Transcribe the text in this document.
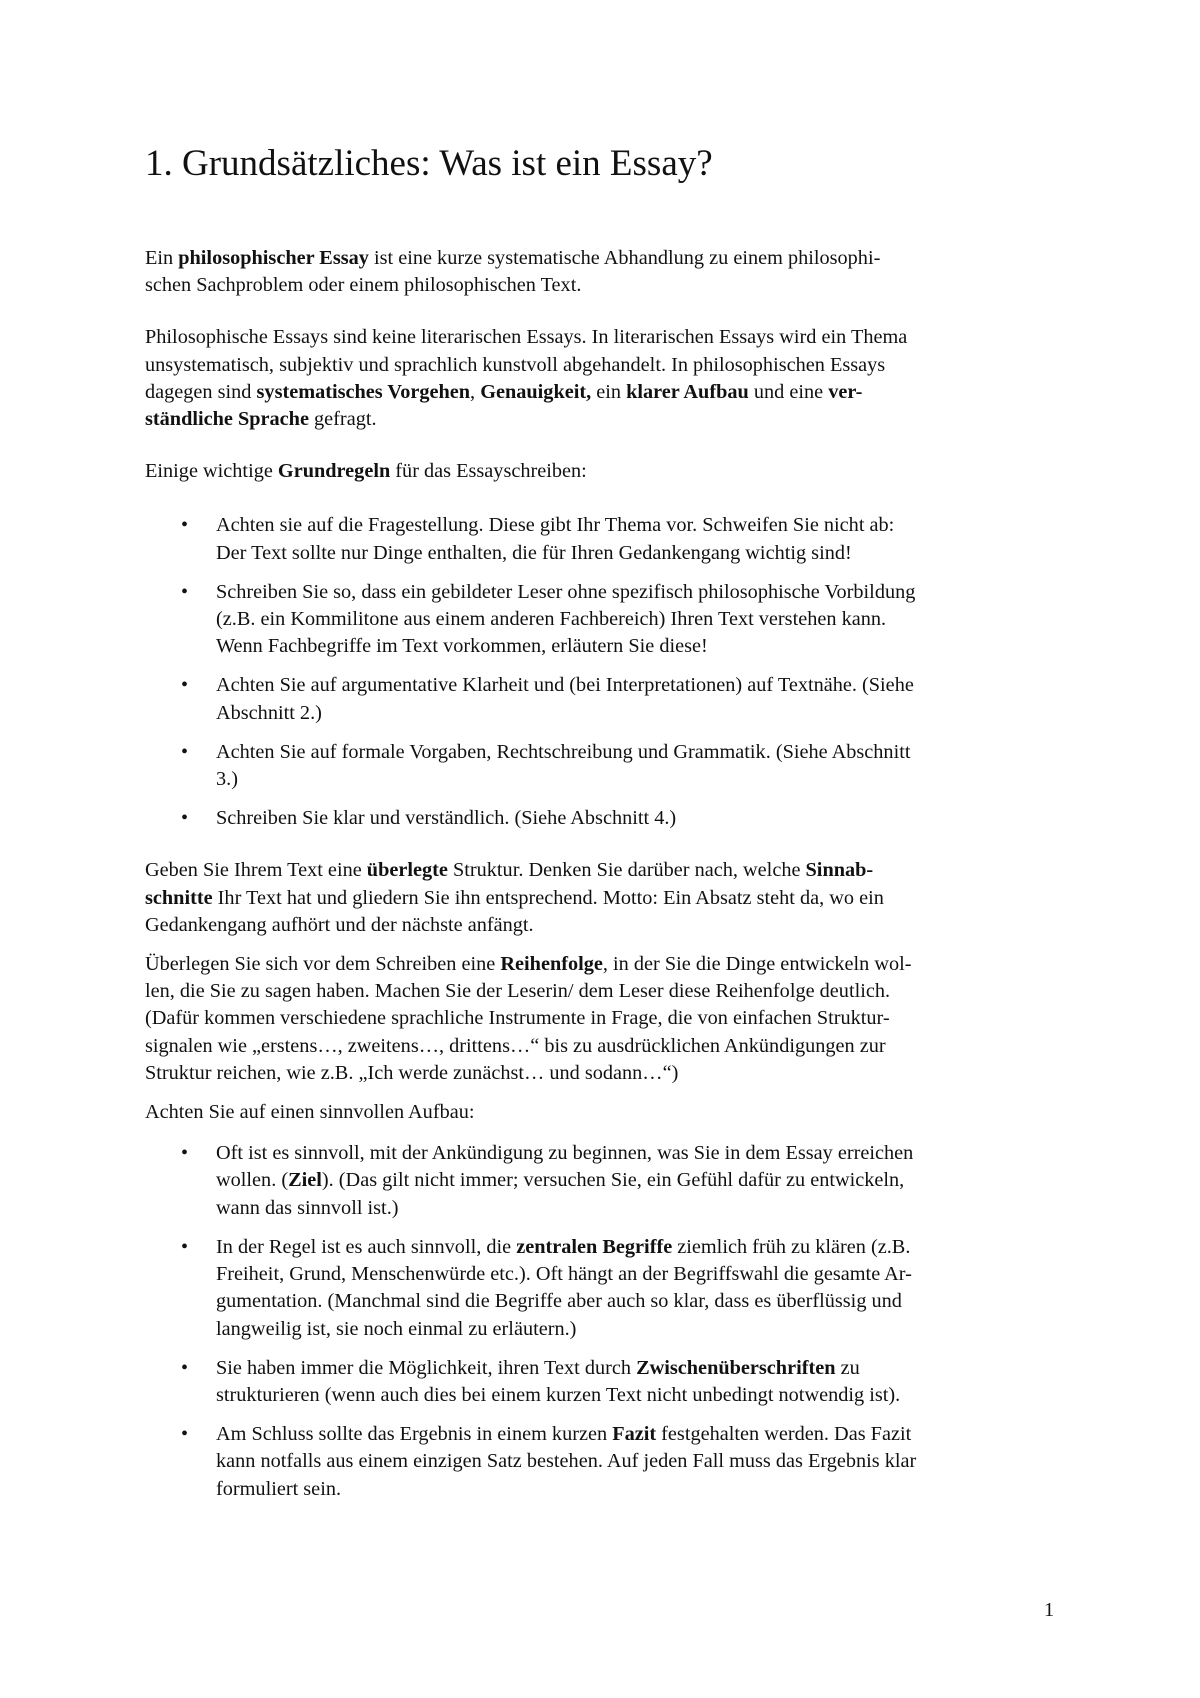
1. Grundsätzliches: Was ist ein Essay?

Ein philosophischer Essay ist eine kurze systematische Abhandlung zu einem philosophi-
schen Sachproblem oder einem philosophischen Text.

Philosophische Essays sind keine literarischen Essays. In literarischen Essays wird ein Thema
unsystematisch, subjektiv und sprachlich kunstvoll abgehandelt. In philosophischen Essays
dagegen sind systematisches Vorgehen, Genauigkeit, ein klarer Aufbau und eine ver-
ständliche Sprache gefragt.

Einige wichtige Grundregeln für das Essayschreiben:

• Achten sie auf die Fragestellung. Diese gibt Ihr Thema vor. Schweifen Sie nicht ab:
Der Text sollte nur Dinge enthalten, die für Ihren Gedankengang wichtig sind!
• Schreiben Sie so, dass ein gebildeter Leser ohne spezifisch philosophische Vorbildung
(z.B. ein Kommilitone aus einem anderen Fachbereich) Ihren Text verstehen kann.
Wenn Fachbegriffe im Text vorkommen, erläutern Sie diese!
• Achten Sie auf argumentative Klarheit und (bei Interpretationen) auf Textnähe. (Siehe
Abschnitt 2.)
• Achten Sie auf formale Vorgaben, Rechtschreibung und Grammatik. (Siehe Abschnitt
3.)
• Schreiben Sie klar und verständlich. (Siehe Abschnitt 4.)

Geben Sie Ihrem Text eine überlegte Struktur. Denken Sie darüber nach, welche Sinnab-
schnitte Ihr Text hat und gliedern Sie ihn entsprechend. Motto: Ein Absatz steht da, wo ein
Gedankengang aufhört und der nächste anfängt.

Überlegen Sie sich vor dem Schreiben eine Reihenfolge, in der Sie die Dinge entwickeln wol-
len, die Sie zu sagen haben. Machen Sie der Leserin/ dem Leser diese Reihenfolge deutlich.
(Dafür kommen verschiedene sprachliche Instrumente in Frage, die von einfachen Struktur-
signalen wie „erstens…, zweitens…, drittens…“ bis zu ausdrücklichen Ankündigungen zur
Struktur reichen, wie z.B. „Ich werde zunächst… und sodann…“)

Achten Sie auf einen sinnvollen Aufbau:

• Oft ist es sinnvoll, mit der Ankündigung zu beginnen, was Sie in dem Essay erreichen
wollen. (Ziel). (Das gilt nicht immer; versuchen Sie, ein Gefühl dafür zu entwickeln,
wann das sinnvoll ist.)
• In der Regel ist es auch sinnvoll, die zentralen Begriffe ziemlich früh zu klären (z.B.
Freiheit, Grund, Menschenwürde etc.). Oft hängt an der Begriffswahl die gesamte Ar-
gumentation. (Manchmal sind die Begriffe aber auch so klar, dass es überflüssig und
langweilig ist, sie noch einmal zu erläutern.)
• Sie haben immer die Möglichkeit, ihren Text durch Zwischenüberschriften zu
strukturieren (wenn auch dies bei einem kurzen Text nicht unbedingt notwendig ist).
• Am Schluss sollte das Ergebnis in einem kurzen Fazit festgehalten werden. Das Fazit
kann notfalls aus einem einzigen Satz bestehen. Auf jeden Fall muss das Ergebnis klar
formuliert sein.
1
